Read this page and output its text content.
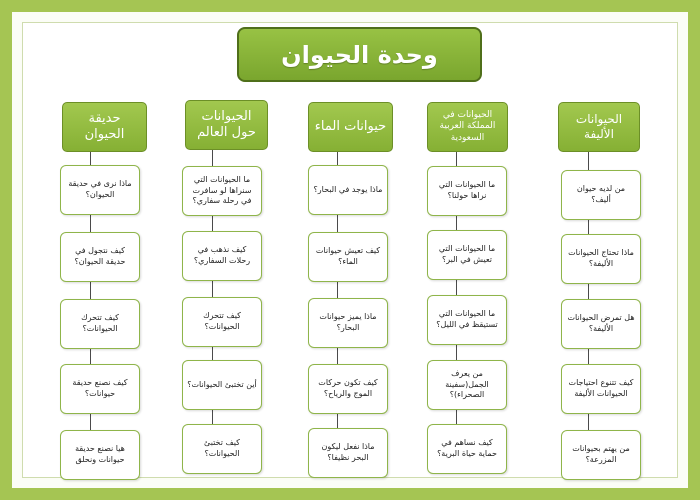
وحدة الحيوان
حديقة الحيوان
ماذا نرى في حديقة الحيوان؟
كيف نتجول في حديقة الحيوان؟
كيف تتحرك الحيوانات؟
كيف نصنع حديقة حيوانات؟
هيا نصنع حديقة حيوانات ونحلق
الحيوانات حول العالم
ما الحيوانات التي سنراها لو سافرت في رحلة سفاري؟
كيف نذهب في رحلات السفاري؟
كيف تتحرك الحيوانات؟
أين تختبئ الحيوانات؟
كيف تختبئ الحيوانات؟
حيوانات الماء
ماذا يوجد في البحار؟
كيف تعيش حيوانات الماء؟
ماذا يميز حيوانات البحار؟
كيف تكون حركات الموج والرياح؟
ماذا نفعل ليكون البحر نظيفا؟
الحيوانات في المملكة العربية السعودية
ما الحيوانات التي نراها حولنا؟
ما الحيوانات التي تعيش في البر؟
ما الحيوانات التي تستيقظ في الليل؟
من يعرف الجمل(سفينة الصحراء)؟
كيف نساهم في حماية حياة البرية؟
الحيوانات الأليفة
من لديه حيوان أليف؟
ماذا تحتاج الحيوانات الأليفة؟
هل تمرض الحيوانات الأليفة؟
كيف تتنوع احتياجات الحيوانات الأليفة
من يهتم بحيوانات المزرعة؟
